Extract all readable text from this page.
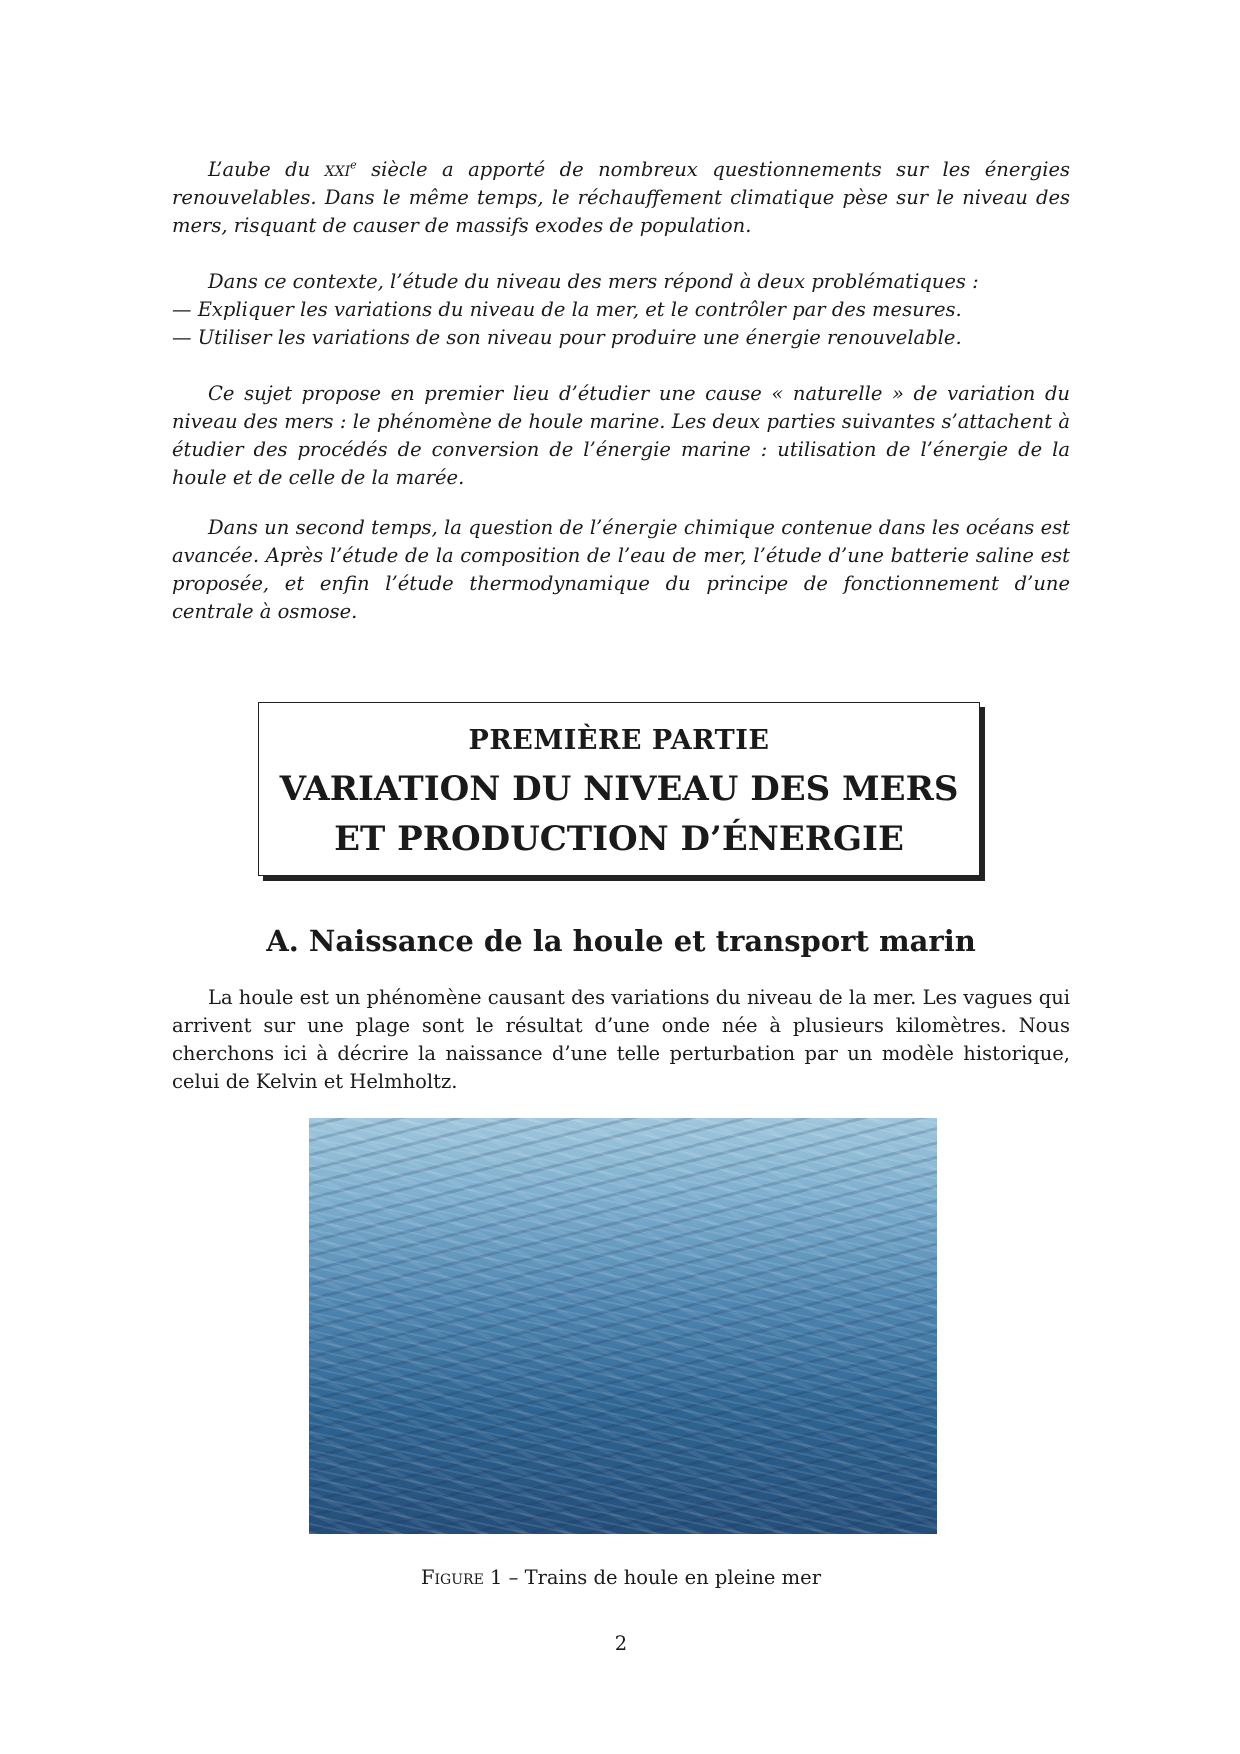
L’aube du xxi$^e$ siècle a apporté de nombreux questionnements sur les énergies renouvelables. Dans le même temps, le réchauffement climatique pèse sur le niveau des mers, risquant de causer de massifs exodes de population.

Dans ce contexte, l’étude du niveau des mers répond à deux problématiques :

— Expliquer les variations du niveau de la mer, et le contrôler par des mesures.

— Utiliser les variations de son niveau pour produire une énergie renouvelable.

Ce sujet propose en premier lieu d’étudier une cause « naturelle » de variation du niveau des mers : le phénomène de houle marine. Les deux parties suivantes s’attachent à étudier des procédés de conversion de l’énergie marine : utilisation de l’énergie de la houle et de celle de la marée.

Dans un second temps, la question de l’énergie chimique contenue dans les océans est avancée. Après l’étude de la composition de l’eau de mer, l’étude d’une batterie saline est proposée, et enfin l’étude thermodynamique du principe de fonctionnement d’une centrale à osmose.

PREMIÈRE PARTIE
VARIATION DU NIVEAU DES MERS
ET PRODUCTION D’ÉNERGIE
A. Naissance de la houle et transport marin

La houle est un phénomène causant des variations du niveau de la mer. Les vagues qui arrivent sur une plage sont le résultat d’une onde née à plusieurs kilomètres. Nous cherchons ici à décrire la naissance d’une telle perturbation par un modèle historique, celui de Kelvin et Helmholtz.

Figure 1 – Trains de houle en pleine mer
2
